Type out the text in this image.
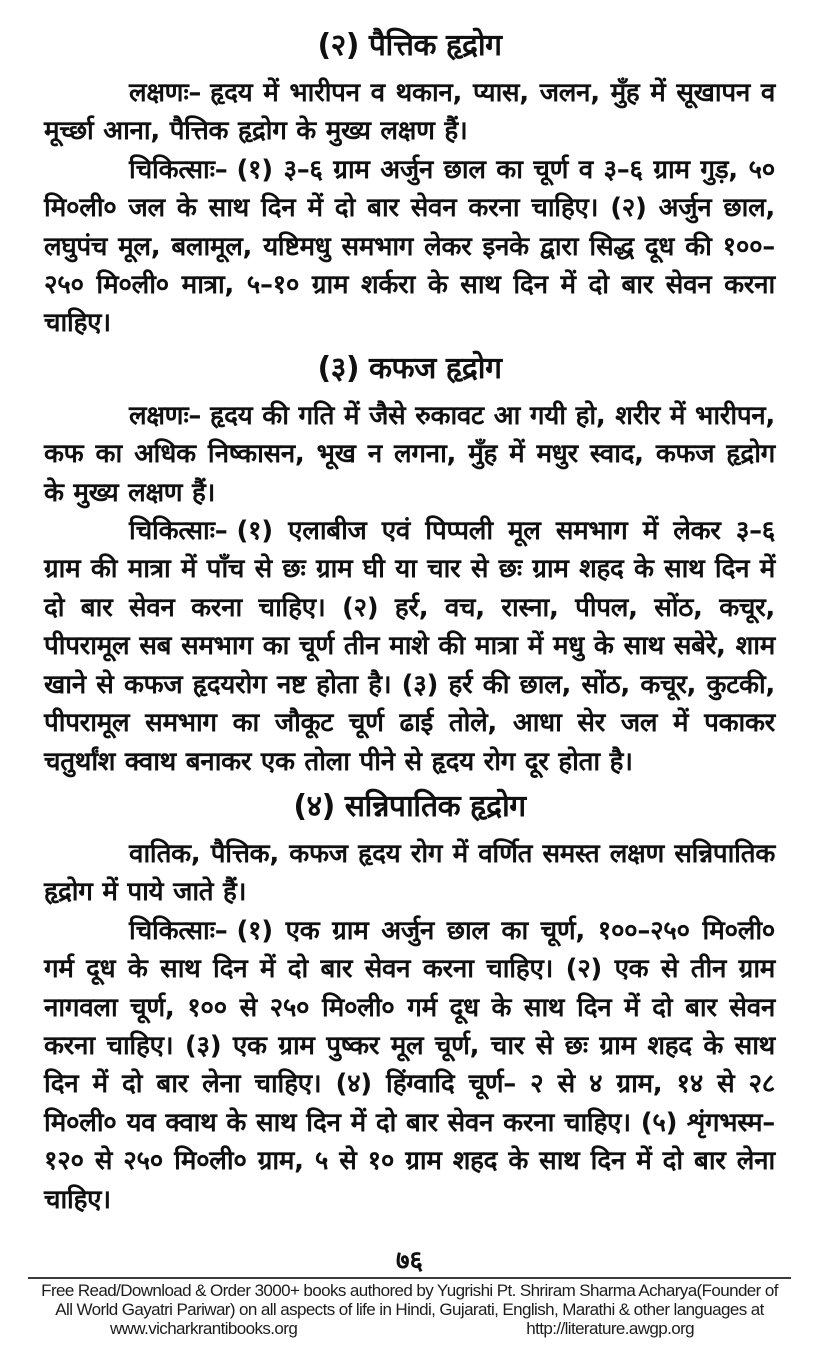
(२) पैत्तिक हृद्रोग

लक्षणः– हृदय में भारीपन व थकान, प्यास, जलन, मुँह में सूखापन व मूर्च्छा आना, पैत्तिक हृद्रोग के मुख्य लक्षण हैं।

चिकित्साः– (१) ३–६ ग्राम अर्जुन छाल का चूर्ण व ३–६ ग्राम गुड़, ५० मि०ली० जल के साथ दिन में दो बार सेवन करना चाहिए। (२) अर्जुन छाल, लघुपंच मूल, बलामूल, यष्टिमधु समभाग लेकर इनके द्वारा सिद्ध दूध की १००–२५० मि०ली० मात्रा, ५–१० ग्राम शर्करा के साथ दिन में दो बार सेवन करना चाहिए।

(३) कफज हृद्रोग

लक्षणः– हृदय की गति में जैसे रुकावट आ गयी हो, शरीर में भारीपन, कफ का अधिक निष्कासन, भूख न लगना, मुँह में मधुर स्वाद, कफज हृद्रोग के मुख्य लक्षण हैं।

चिकित्साः– (१) एलाबीज एवं पिप्पली मूल समभाग में लेकर ३–६ ग्राम की मात्रा में पाँच से छः ग्राम घी या चार से छः ग्राम शहद के साथ दिन में दो बार सेवन करना चाहिए। (२) हर्र, वच, रास्ना, पीपल, सोंठ, कचूर, पीपरामूल सब समभाग का चूर्ण तीन माशे की मात्रा में मधु के साथ सबेरे, शाम खाने से कफज हृदयरोग नष्ट होता है। (३) हर्र की छाल, सोंठ, कचूर, कुटकी, पीपरामूल समभाग का जौकूट चूर्ण ढाई तोले, आधा सेर जल में पकाकर चतुर्थांश क्वाथ बनाकर एक तोला पीने से हृदय रोग दूर होता है।

(४) सन्निपातिक हृद्रोग

वातिक, पैत्तिक, कफज हृदय रोग में वर्णित समस्त लक्षण सन्निपातिक हृद्रोग में पाये जाते हैं।

चिकित्साः– (१) एक ग्राम अर्जुन छाल का चूर्ण, १००–२५० मि०ली० गर्म दूध के साथ दिन में दो बार सेवन करना चाहिए। (२) एक से तीन ग्राम नागवला चूर्ण, १०० से २५० मि०ली० गर्म दूध के साथ दिन में दो बार सेवन करना चाहिए। (३) एक ग्राम पुष्कर मूल चूर्ण, चार से छः ग्राम शहद के साथ दिन में दो बार लेना चाहिए। (४) हिंग्वादि चूर्ण– २ से ४ ग्राम, १४ से २८ मि०ली० यव क्वाथ के साथ दिन में दो बार सेवन करना चाहिए। (५) शृंगभस्म– १२० से २५० मि०ली० ग्राम, ५ से १० ग्राम शहद के साथ दिन में दो बार लेना चाहिए।

७६
Free Read/Download & Order 3000+ books authored by Yugrishi Pt. Shriram Sharma Acharya(Founder of
All World Gayatri Pariwar) on all aspects of life in Hindi, Gujarati, English, Marathi & other languages at
www.vicharkrantibooks.org	http://literature.awgp.org
